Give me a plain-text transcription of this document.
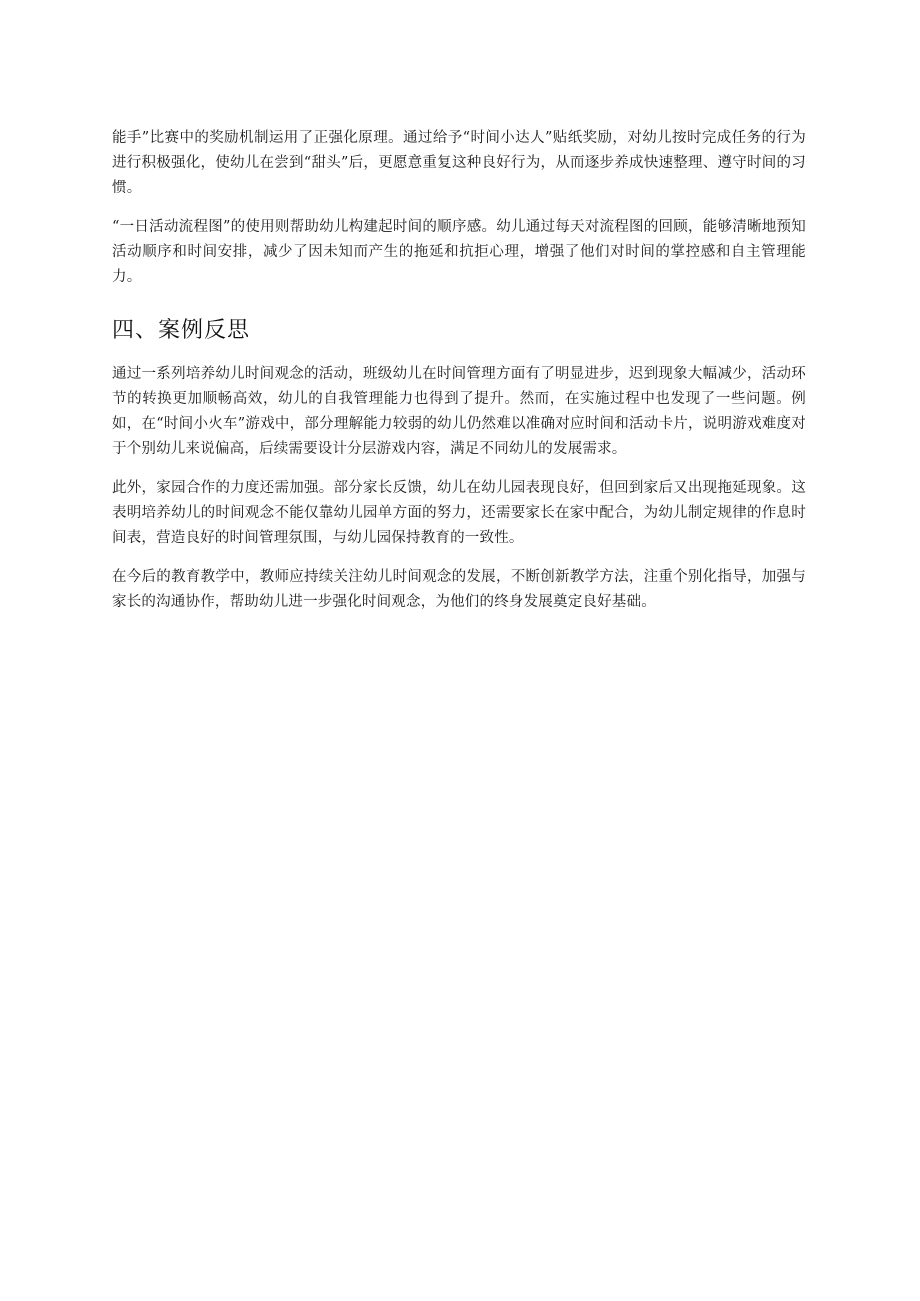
能手”比赛中的奖励机制运用了正强化原理。通过给予“时间小达人”贴纸奖励，对幼儿按时完成任务的行为进行积极强化，使幼儿在尝到“甜头”后，更愿意重复这种良好行为，从而逐步养成快速整理、遵守时间的习惯。

“一日活动流程图”的使用则帮助幼儿构建起时间的顺序感。幼儿通过每天对流程图的回顾，能够清晰地预知活动顺序和时间安排，减少了因未知而产生的拖延和抗拒心理，增强了他们对时间的掌控感和自主管理能力。

四、案例反思

通过一系列培养幼儿时间观念的活动，班级幼儿在时间管理方面有了明显进步，迟到现象大幅减少，活动环节的转换更加顺畅高效，幼儿的自我管理能力也得到了提升。然而，在实施过程中也发现了一些问题。例如，在“时间小火车”游戏中，部分理解能力较弱的幼儿仍然难以准确对应时间和活动卡片，说明游戏难度对于个别幼儿来说偏高，后续需要设计分层游戏内容，满足不同幼儿的发展需求。

此外，家园合作的力度还需加强。部分家长反馈，幼儿在幼儿园表现良好，但回到家后又出现拖延现象。这表明培养幼儿的时间观念不能仅靠幼儿园单方面的努力，还需要家长在家中配合，为幼儿制定规律的作息时间表，营造良好的时间管理氛围，与幼儿园保持教育的一致性。

在今后的教育教学中，教师应持续关注幼儿时间观念的发展，不断创新教学方法，注重个别化指导，加强与家长的沟通协作，帮助幼儿进一步强化时间观念，为他们的终身发展奠定良好基础。
